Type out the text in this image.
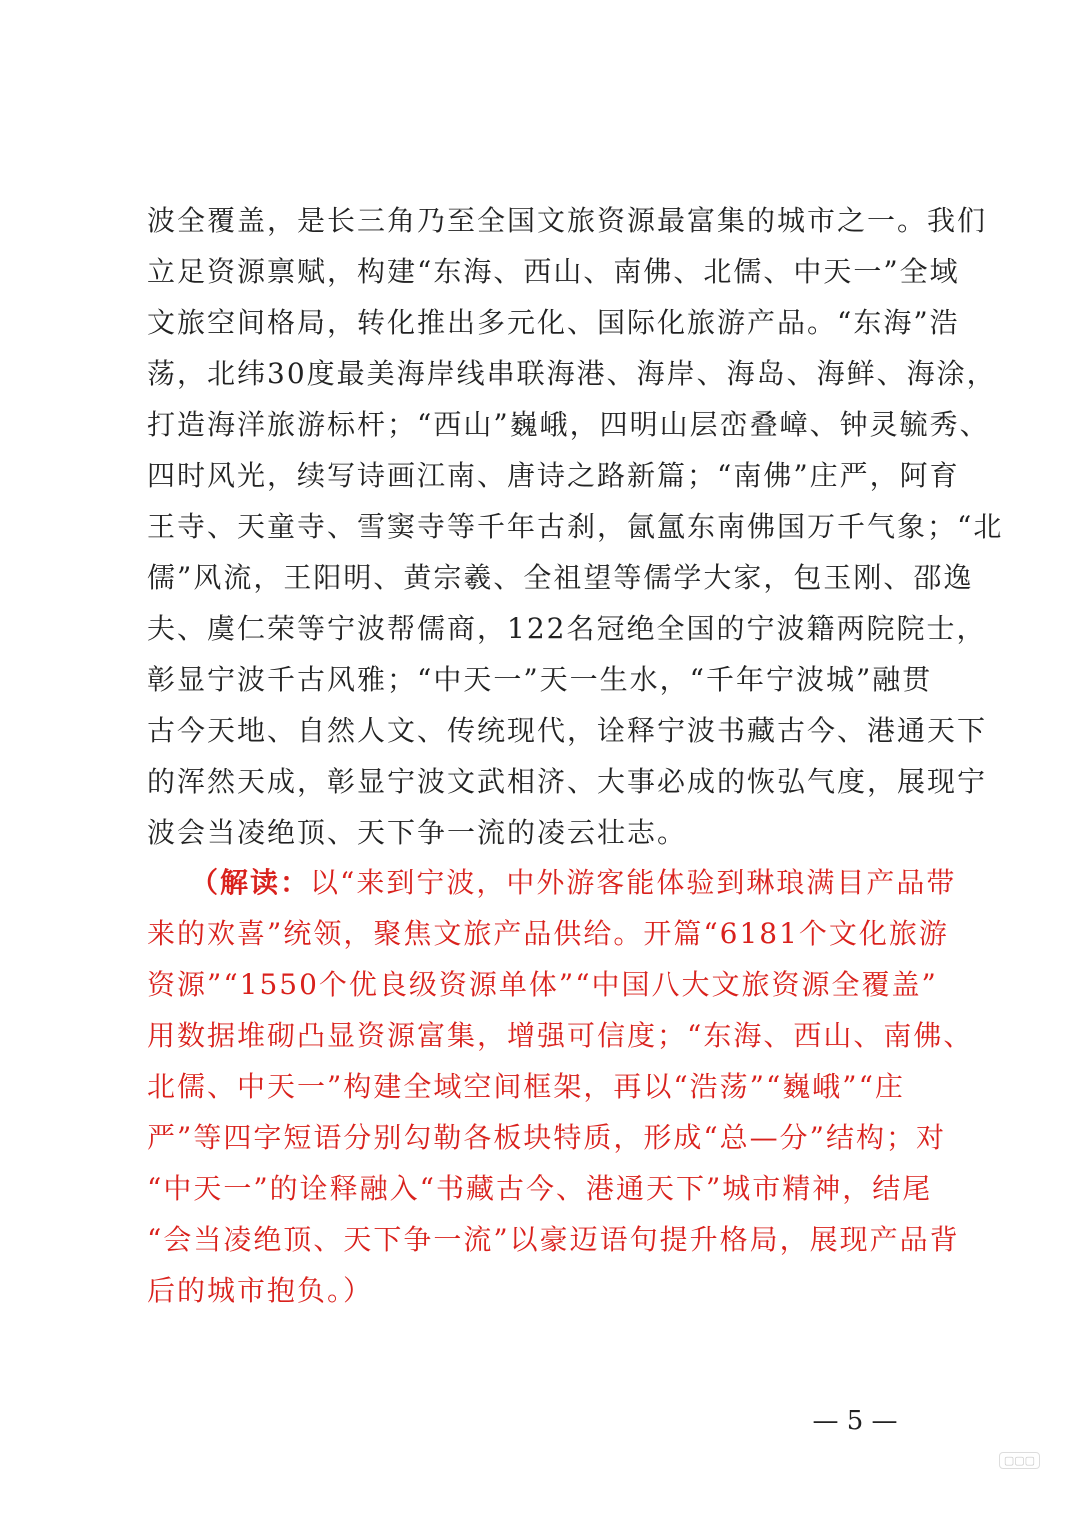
波全覆盖，是长三角乃至全国文旅资源最富集的城市之一。我们
立足资源禀赋，构建“东海、西山、南佛、北儒、中天一”全域
文旅空间格局，转化推出多元化、国际化旅游产品。“东海”浩
荡，北纬30度最美海岸线串联海港、海岸、海岛、海鲜、海涂，
打造海洋旅游标杆；“西山”巍峨，四明山层峦叠嶂、钟灵毓秀、
四时风光，续写诗画江南、唐诗之路新篇；“南佛”庄严，阿育
王寺、天童寺、雪窦寺等千年古刹，氤氲东南佛国万千气象；“北
儒”风流，王阳明、黄宗羲、全祖望等儒学大家，包玉刚、邵逸
夫、虞仁荣等宁波帮儒商，122名冠绝全国的宁波籍两院院士，
彰显宁波千古风雅；“中天一”天一生水，“千年宁波城”融贯
古今天地、自然人文、传统现代，诠释宁波书藏古今、港通天下
的浑然天成，彰显宁波文武相济、大事必成的恢弘气度，展现宁
波会当凌绝顶、天下争一流的凌云壮志。
（解读：以“来到宁波，中外游客能体验到琳琅满目产品带
来的欢喜”统领，聚焦文旅产品供给。开篇“6181个文化旅游
资源”“1550个优良级资源单体”“中国八大文旅资源全覆盖”
用数据堆砌凸显资源富集，增强可信度；“东海、西山、南佛、
北儒、中天一”构建全域空间框架，再以“浩荡”“巍峨”“庄
严”等四字短语分别勾勒各板块特质，形成“总—分”结构；对
“中天一”的诠释融入“书藏古今、港通天下”城市精神，结尾
“会当凌绝顶、天下争一流”以豪迈语句提升格局，展现产品背
后的城市抱负。）
— 5 —
▢▢▢
